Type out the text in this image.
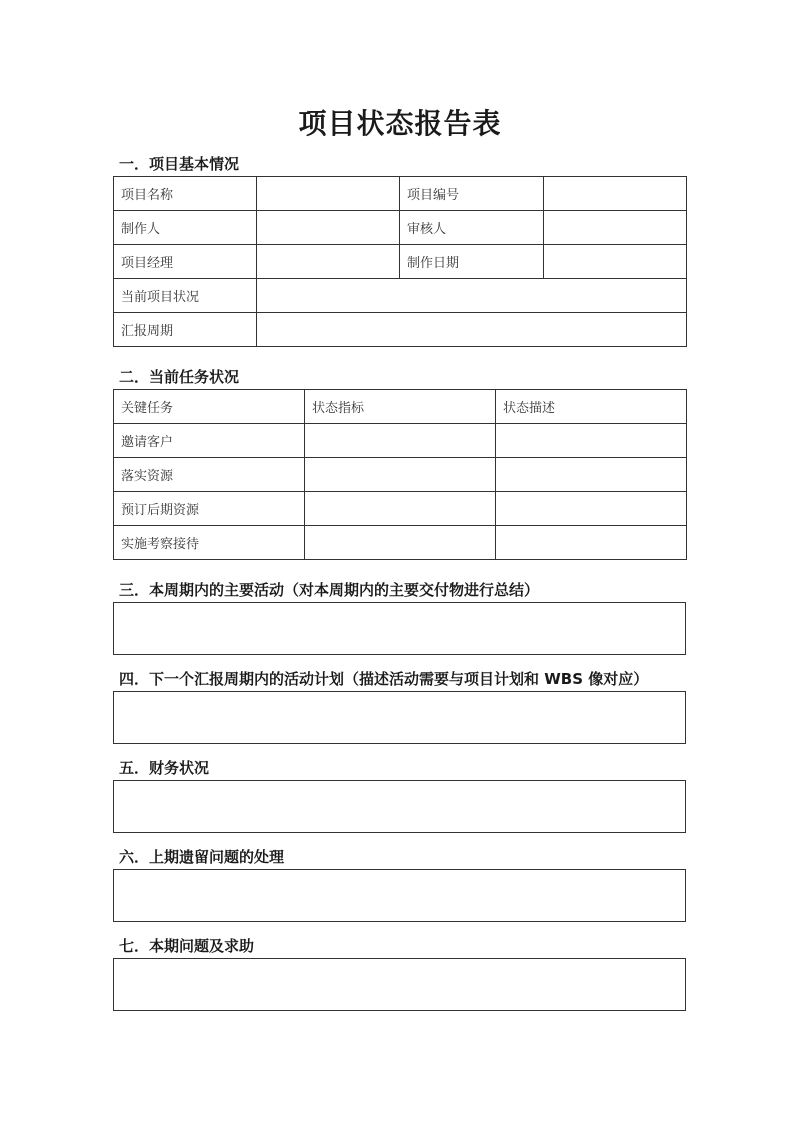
项目状态报告表
一．项目基本情况
项目名称		项目编号	
制作人		审核人	
项目经理		制作日期	
当前项目状况			
汇报周期			
二．当前任务状况
关键任务	状态指标	状态描述
邀请客户		
落实资源		
预订后期资源		
实施考察接待		
三．本周期内的主要活动（对本周期内的主要交付物进行总结）
四．下一个汇报周期内的活动计划（描述活动需要与项目计划和 WBS 像对应）
五．财务状况
六．上期遗留问题的处理
七．本期问题及求助
